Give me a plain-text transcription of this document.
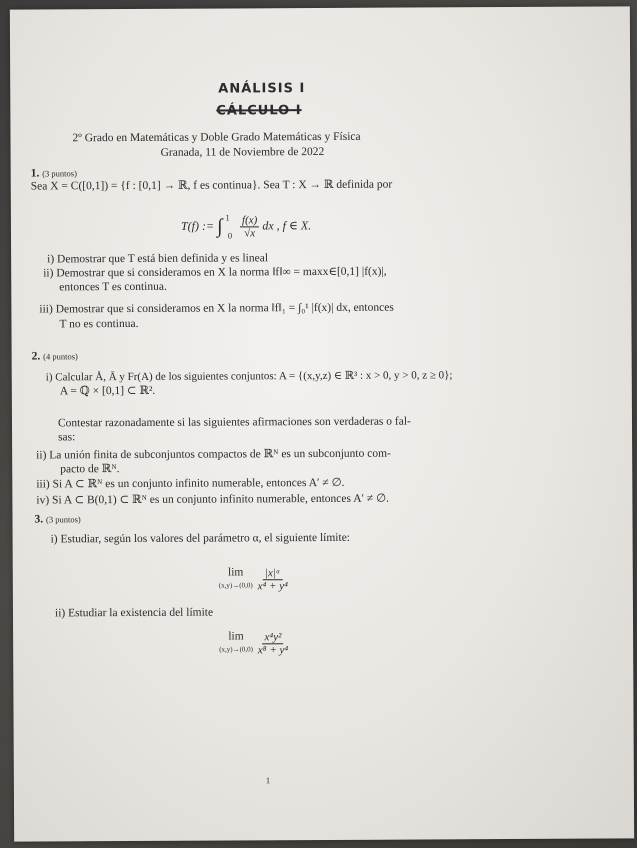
ANÁLISIS I
CÁLCULO I
2º Grado en Matemáticas y Doble Grado Matemáticas y Física
Granada, 11 de Noviembre de 2022
1. (3 puntos)
Sea X = C([0,1]) = {f : [0,1] → ℝ, f es continua}. Sea T : X → ℝ definida por
T(f) := ∫ $^1$ $_0 \frac{f(x)}{√x}$ dx , f ∈ X.
i) Demostrar que T está bien definida y es lineal
ii) Demostrar que si consideramos en X la norma ‖f‖∞ = maxx∈[0,1] |f(x)|,
entonces T es continua.
iii) Demostrar que si consideramos en X la norma ‖f‖₁ = ∫₀¹ |f(x)| dx, entonces
T no es continua.
2. (4 puntos)
i) Calcular Å, Ā y Fr(A) de los siguientes conjuntos: A = {(x,y,z) ∈ ℝ³ : x > 0, y > 0, z ≥ 0};
A = ℚ × [0,1] ⊂ ℝ².
Contestar razonadamente si las siguientes afirmaciones son verdaderas o fal-
sas:
ii) La unión finita de subconjuntos compactos de ℝᴺ es un subconjunto com-
pacto de ℝᴺ.
iii) Si A ⊂ ℝᴺ es un conjunto infinito numerable, entonces A′ ≠ ∅.
iv) Si A ⊂ B(0,1) ⊂ ℝᴺ es un conjunto infinito numerable, entonces A′ ≠ ∅.
3. (3 puntos)
i) Estudiar, según los valores del parámetro α, el siguiente límite:
lim
(x,y)→(0,0)
$\frac{\text{|x|ᵅ}}{\text{x⁴ + y⁴}}$
ii) Estudiar la existencia del límite
lim
(x,y)→(0,0)
$\frac{\text{x⁴y²}}{\text{x⁸ + y⁴}}$
1
